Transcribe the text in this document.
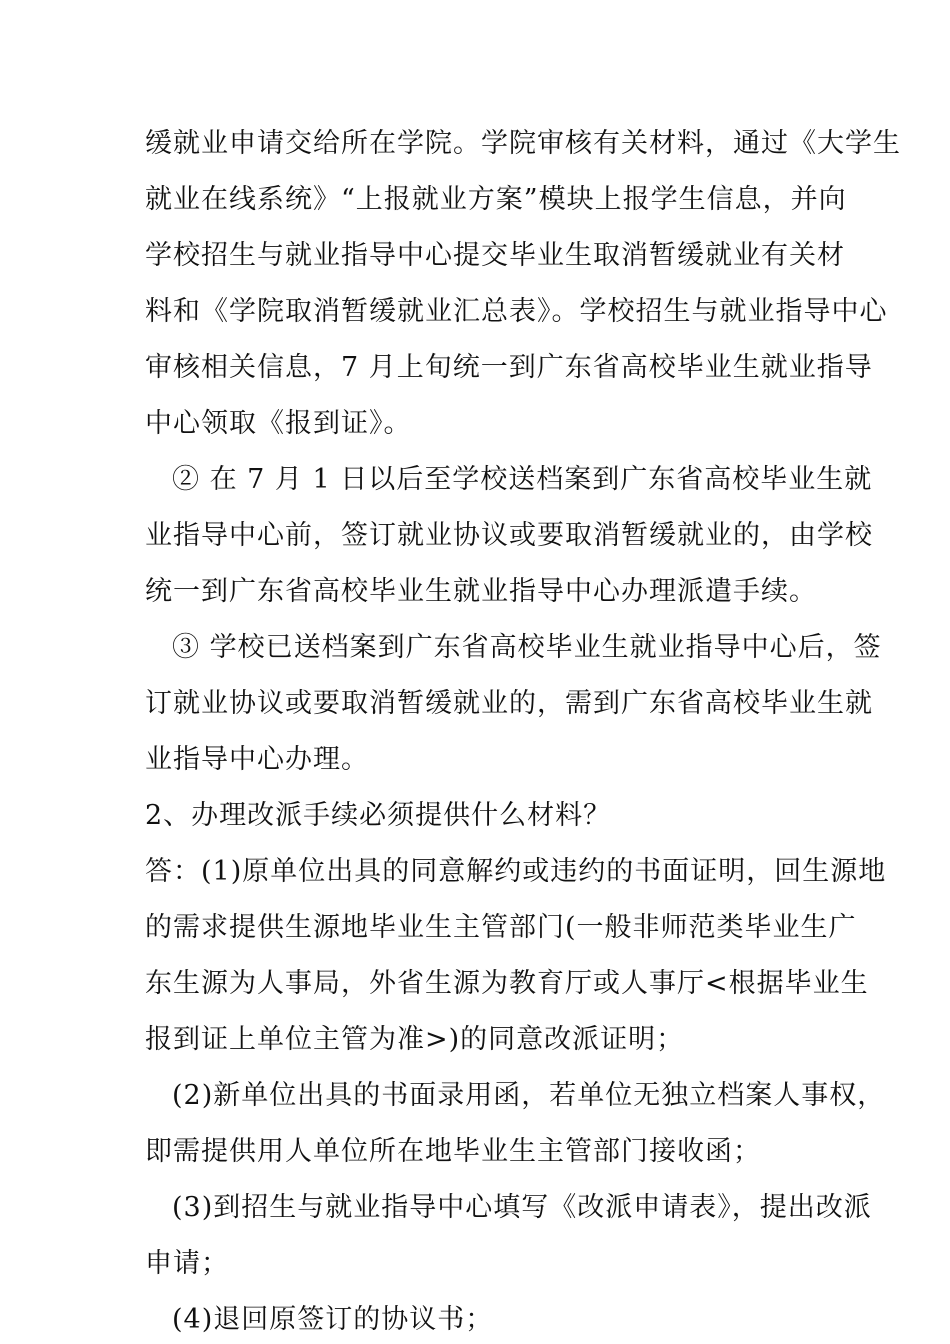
缓就业申请交给所在学院。学院审核有关材料，通过《大学生
就业在线系统》“上报就业方案”模块上报学生信息，并向
学校招生与就业指导中心提交毕业生取消暂缓就业有关材
料和《学院取消暂缓就业汇总表》。学校招生与就业指导中心
审核相关信息，7 月上旬统一到广东省高校毕业生就业指导
中心领取《报到证》。
② 在 7 月 1 日以后至学校送档案到广东省高校毕业生就
业指导中心前，签订就业协议或要取消暂缓就业的，由学校
统一到广东省高校毕业生就业指导中心办理派遣手续。
③ 学校已送档案到广东省高校毕业生就业指导中心后，签
订就业协议或要取消暂缓就业的，需到广东省高校毕业生就
业指导中心办理。
2、办理改派手续必须提供什么材料？
答：(1)原单位出具的同意解约或违约的书面证明，回生源地
的需求提供生源地毕业生主管部门(一般非师范类毕业生广
东生源为人事局，外省生源为教育厅或人事厅<根据毕业生
报到证上单位主管为准>)的同意改派证明；
(2)新单位出具的书面录用函，若单位无独立档案人事权，
即需提供用人单位所在地毕业生主管部门接收函；
(3)到招生与就业指导中心填写《改派申请表》，提出改派
申请；
(4)退回原签订的协议书；
